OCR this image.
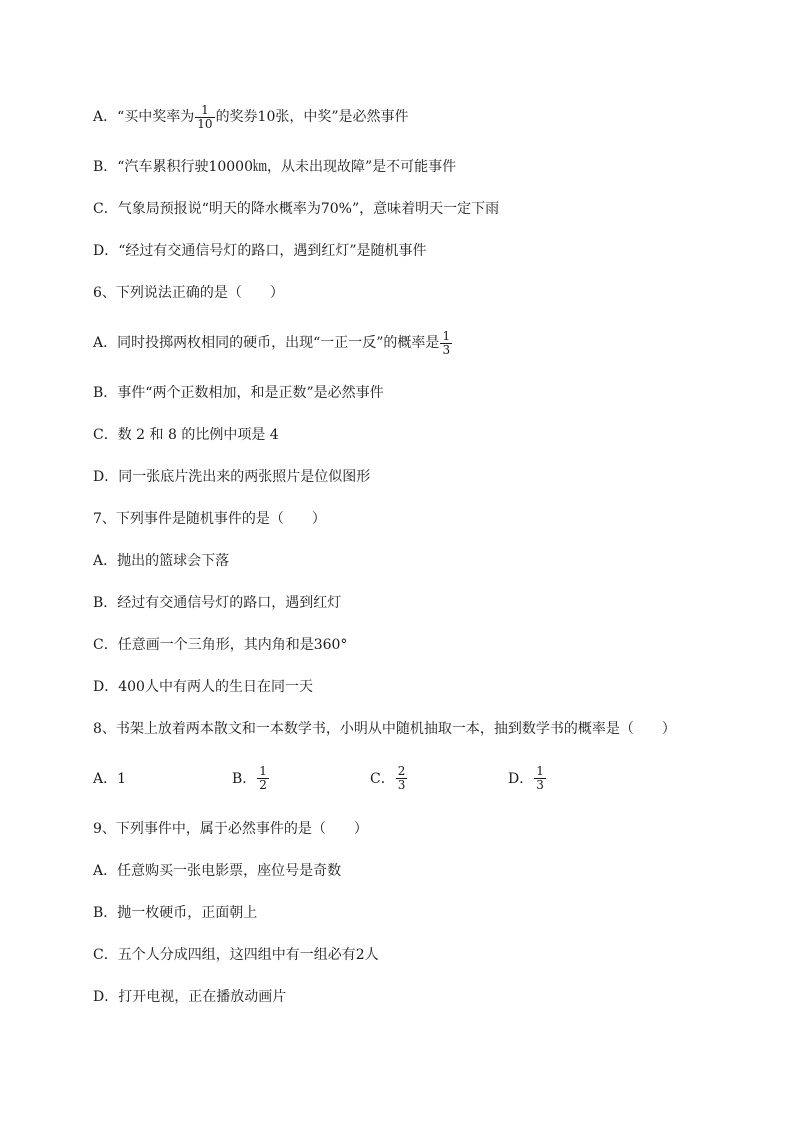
A．“买中奖率为 $\frac{1}{10}$ 的奖券10张，中奖”是必然事件
B．“汽车累积行驶10000㎞，从未出现故障”是不可能事件
C．气象局预报说“明天的降水概率为70%”，意味着明天一定下雨
D．“经过有交通信号灯的路口，遇到红灯”是随机事件
6、下列说法正确的是（　　）
A．同时投掷两枚相同的硬币，出现“一正一反”的概率是 $\frac{1}{3}$
B．事件“两个正数相加，和是正数”是必然事件
C．数 2 和 8 的比例中项是 4
D．同一张底片洗出来的两张照片是位似图形
7、下列事件是随机事件的是（　　）
A．抛出的篮球会下落
B．经过有交通信号灯的路口，遇到红灯
C．任意画一个三角形，其内角和是360°
D．400人中有两人的生日在同一天
8、书架上放着两本散文和一本数学书，小明从中随机抽取一本，抽到数学书的概率是（　　）
A．1	B． $\frac{1}{2}$	C． $\frac{2}{3}$	D． $\frac{1}{3}$
9、下列事件中，属于必然事件的是（　　）
A．任意购买一张电影票，座位号是奇数
B．抛一枚硬币，正面朝上
C．五个人分成四组，这四组中有一组必有2人
D．打开电视，正在播放动画片
